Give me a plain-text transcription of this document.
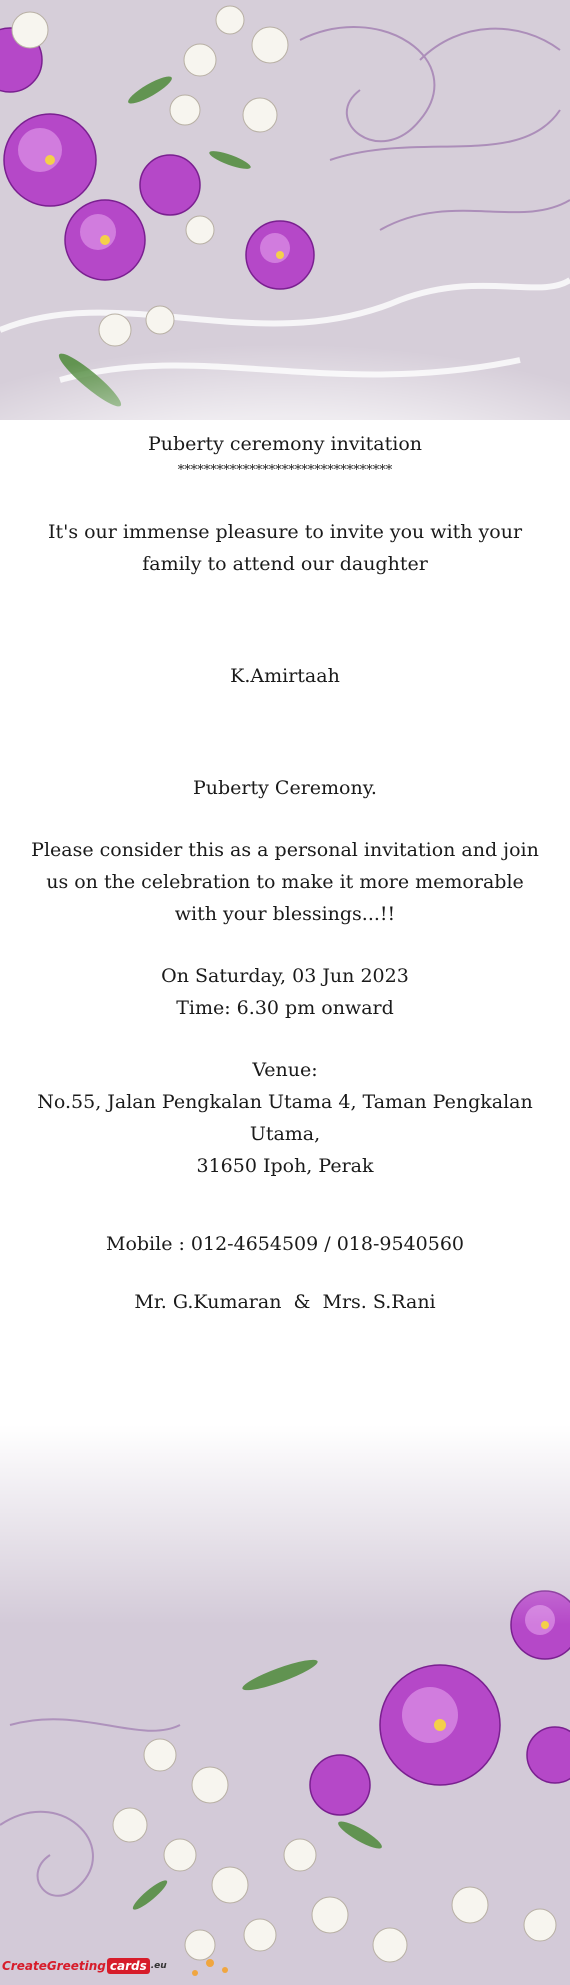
Puberty ceremony invitation

*********************************

It's our immense pleasure to invite you with your family to attend our daughter

K.Amirtaah

Puberty Ceremony.

Please consider this as a personal invitation and join us on the celebration to make it more memorable with your blessings...!!

On Saturday, 03 Jun 2023

Time: 6.30 pm onward

Venue:

No.55, Jalan Pengkalan Utama 4, Taman Pengkalan Utama,

31650 Ipoh, Perak

Mobile : 012-4654509 / 018-9540560

Mr. G.Kumaran  &  Mrs. S.Rani

CreateGreeting cards .eu
